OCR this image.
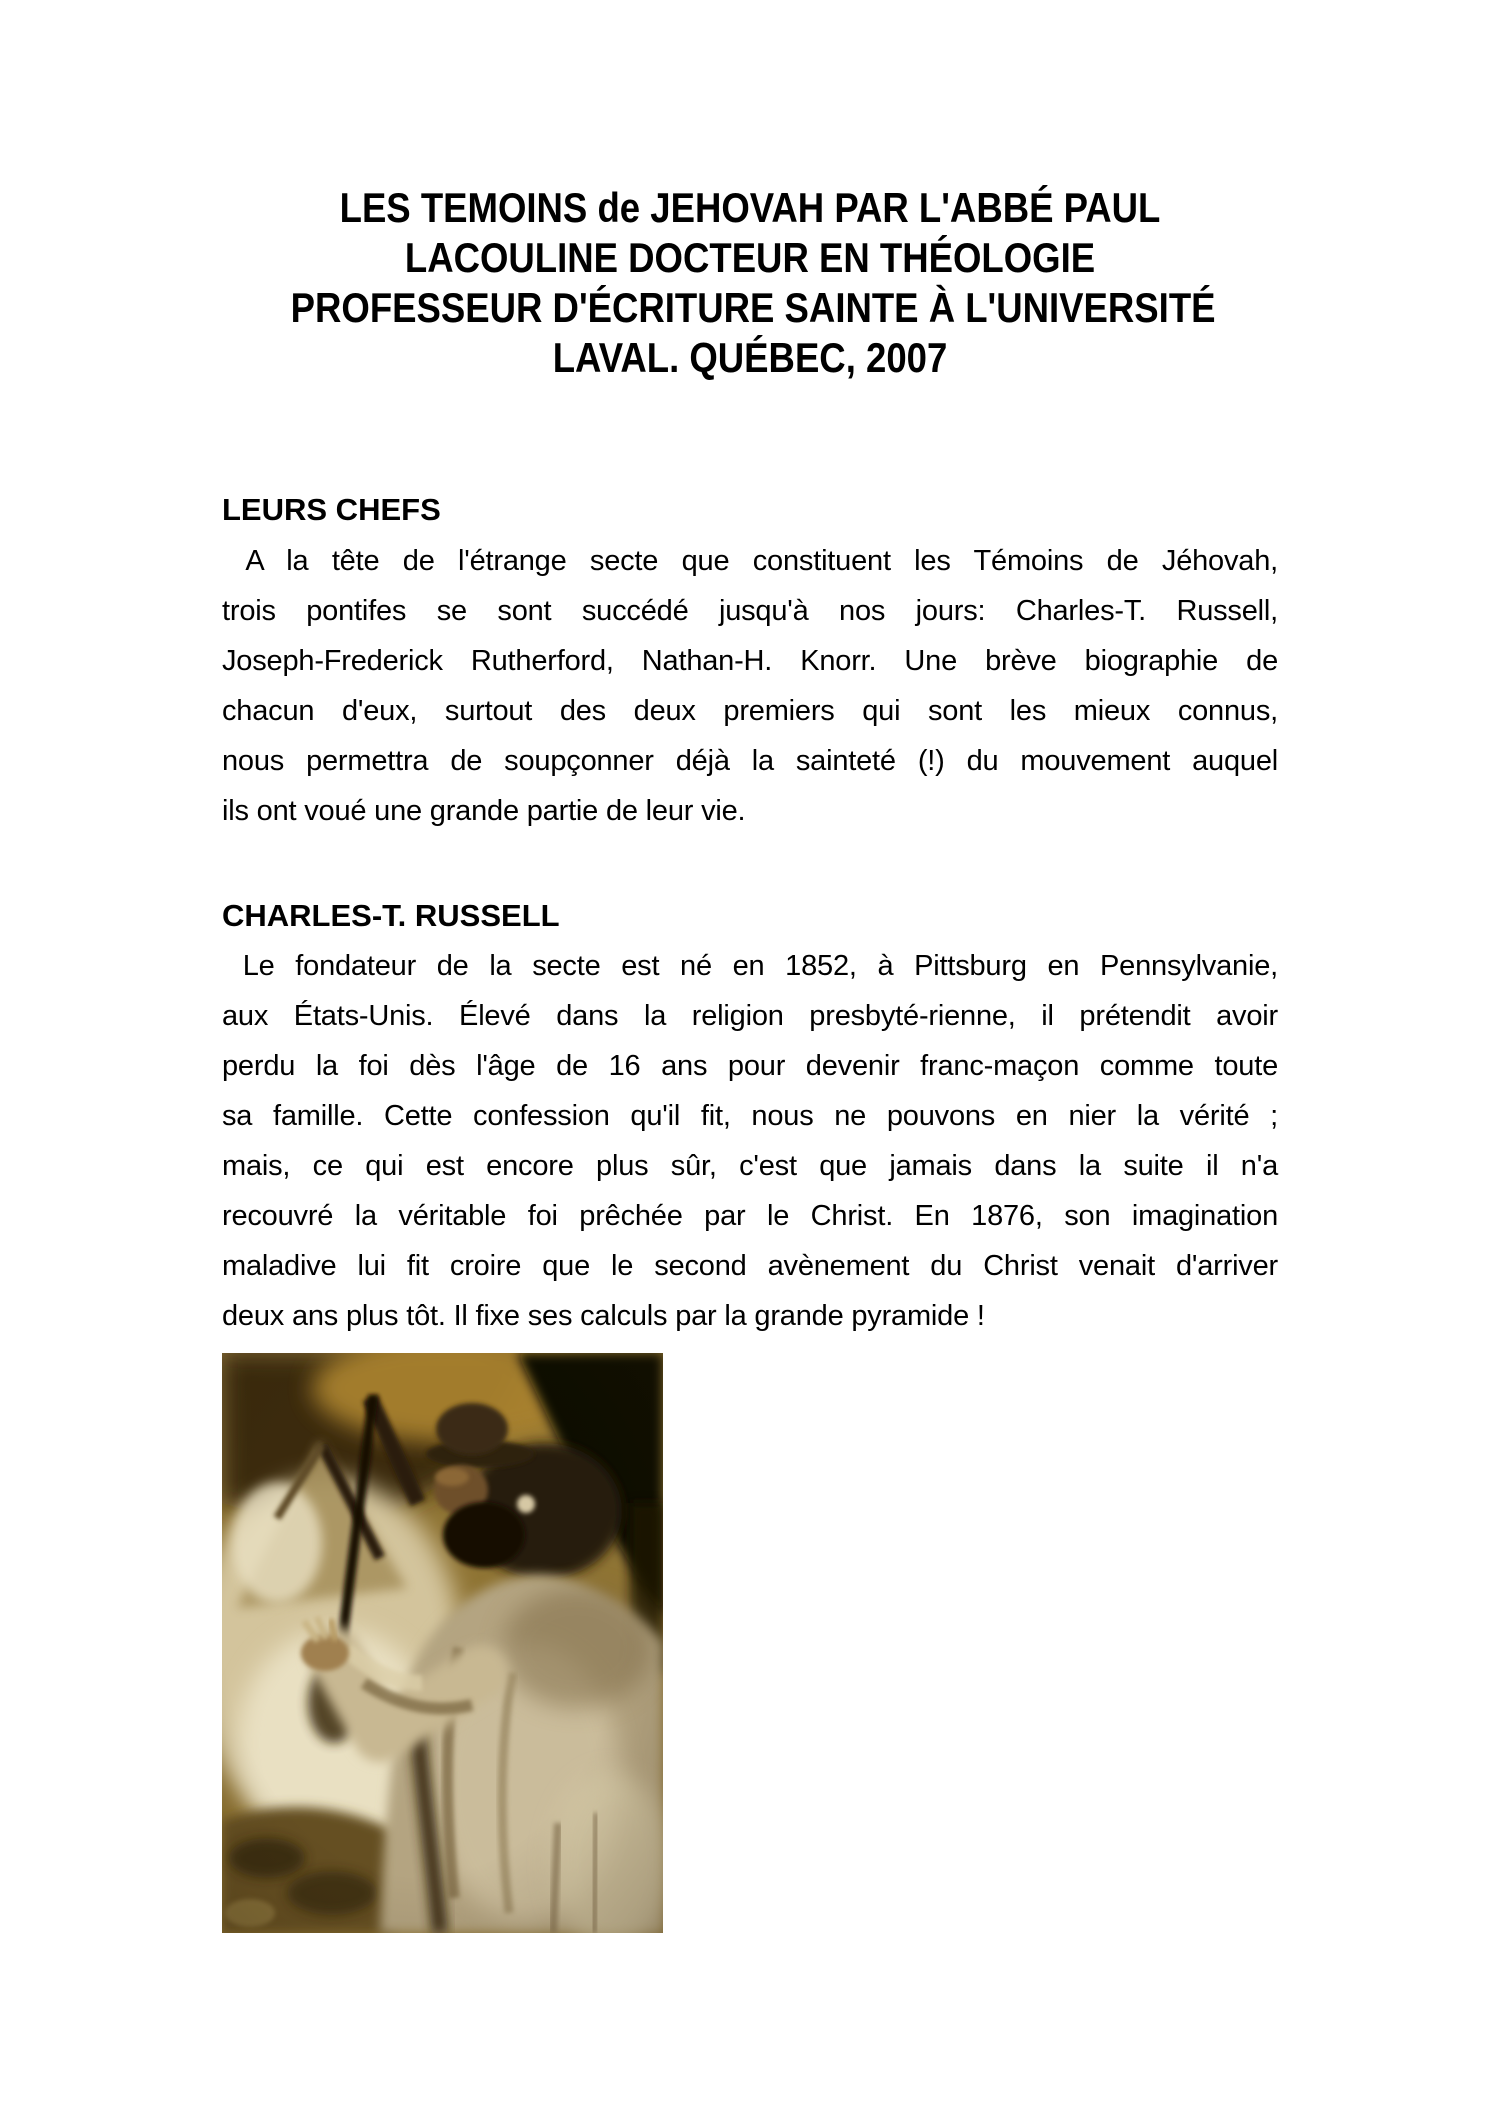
LES TEMOINS de JEHOVAH PAR L'ABBÉ PAUL
LACOULINE DOCTEUR EN THÉOLOGIE
PROFESSEUR D'ÉCRITURE SAINTE À L'UNIVERSITÉ
LAVAL. QUÉBEC, 2007
LEURS CHEFS
A la tête de l'étrange secte que constituent les Témoins de Jéhovah,
trois pontifes se sont succédé jusqu'à nos jours: Charles-T. Russell,
Joseph-Frederick Rutherford, Nathan-H. Knorr. Une brève biographie de
chacun d'eux, surtout des deux premiers qui sont les mieux connus,
nous permettra de soupçonner déjà la sainteté (!) du mouvement auquel
ils ont voué une grande partie de leur vie.
CHARLES-T. RUSSELL
Le fondateur de la secte est né en 1852, à Pittsburg en Pennsylvanie,
aux États-Unis. Élevé dans la religion presbyté-rienne, il prétendit avoir
perdu la foi dès l'âge de 16 ans pour devenir franc-maçon comme toute
sa famille. Cette confession qu'il fit, nous ne pouvons en nier la vérité ;
mais, ce qui est encore plus sûr, c'est que jamais dans la suite il n'a
recouvré la véritable foi prêchée par le Christ. En 1876, son imagination
maladive lui fit croire que le second avènement du Christ venait d'arriver
deux ans plus tôt. Il fixe ses calculs par la grande pyramide !
